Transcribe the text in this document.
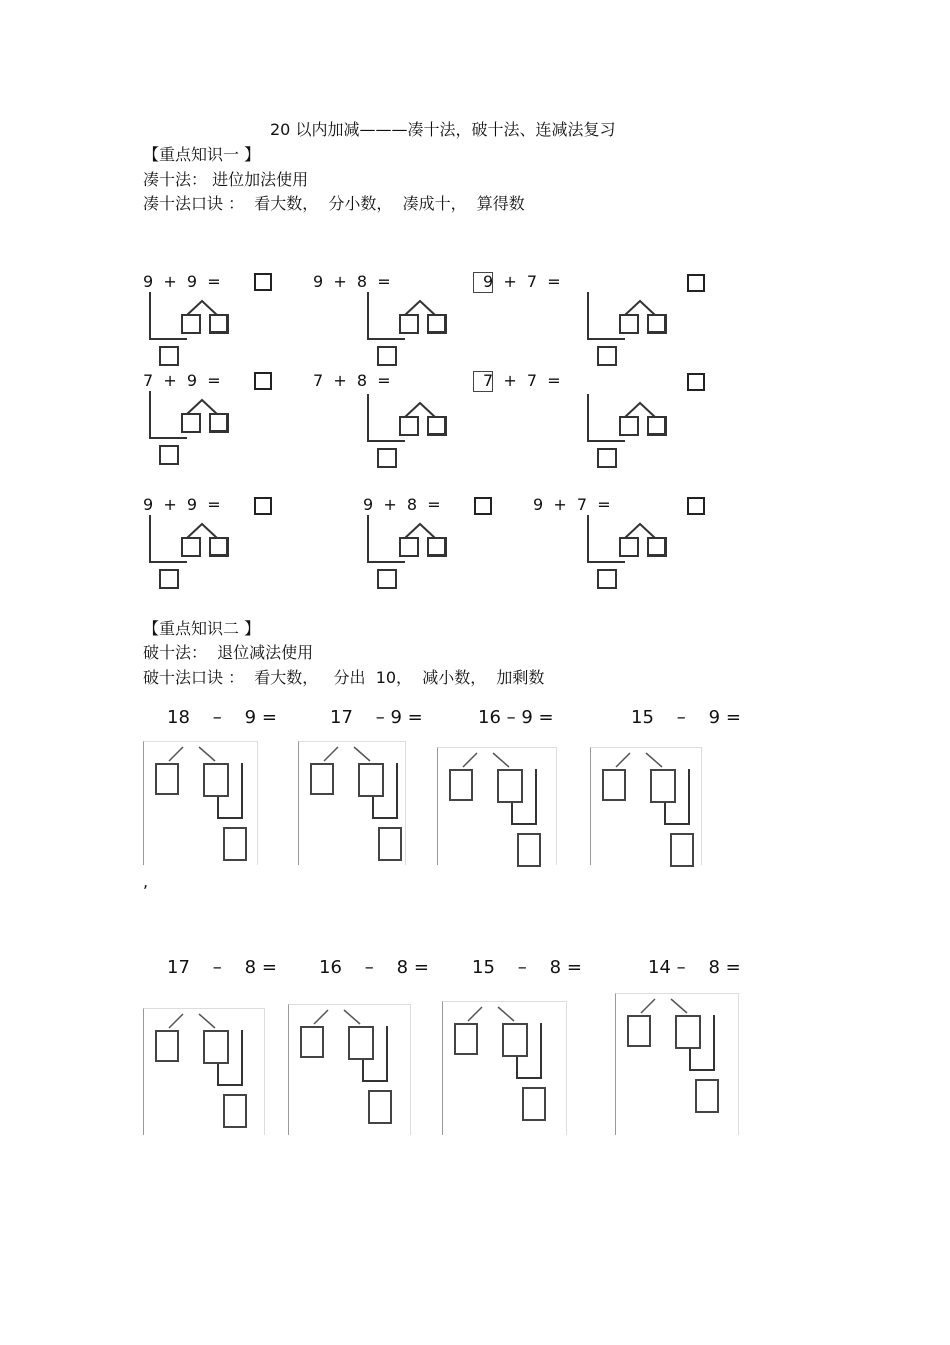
20 以内加减———凑十法，破十法、连减法复习
【重点知识一 】
凑十法： 进位加法使用
凑十法口诀 ：  看大数，  分小数，  凑成十，  算得数
9  +  9  =	9  +  8  =	9  +  7  =
7  +  9  =	7  +  8  =	7  +  7  =
9  +  9  =	9  +  8  =	9  +  7  =
【重点知识二 】
破十法：  退位减法使用
破十法口诀 ：  看大数，   分出  10，  减小数，  加剩数
18    –    9 =	17    – 9 =	16 – 9 =	15    –    9 =
,
17    –    8 = 16    –    8 = 15    –    8 =	14 –    8 =
